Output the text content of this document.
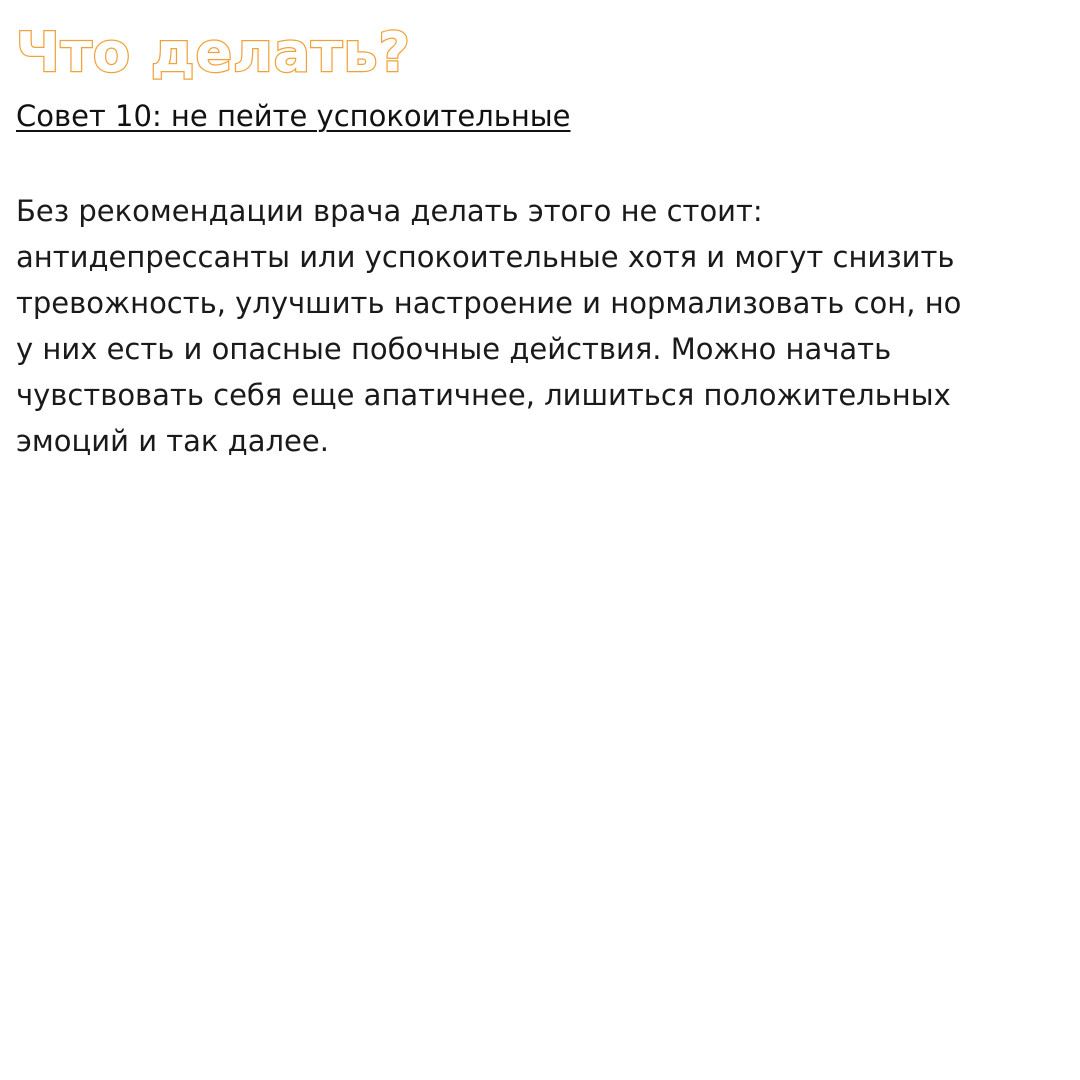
Что делать?
Совет 10: не пейте успокоительные
Без рекомендации врача делать этого не стоит:
антидепрессанты или успокоительные хотя и могут снизить
тревожность, улучшить настроение и нормализовать сон, но
у них есть и опасные побочные действия. Можно начать
чувствовать себя еще апатичнее, лишиться положительных
эмоций и так далее.
